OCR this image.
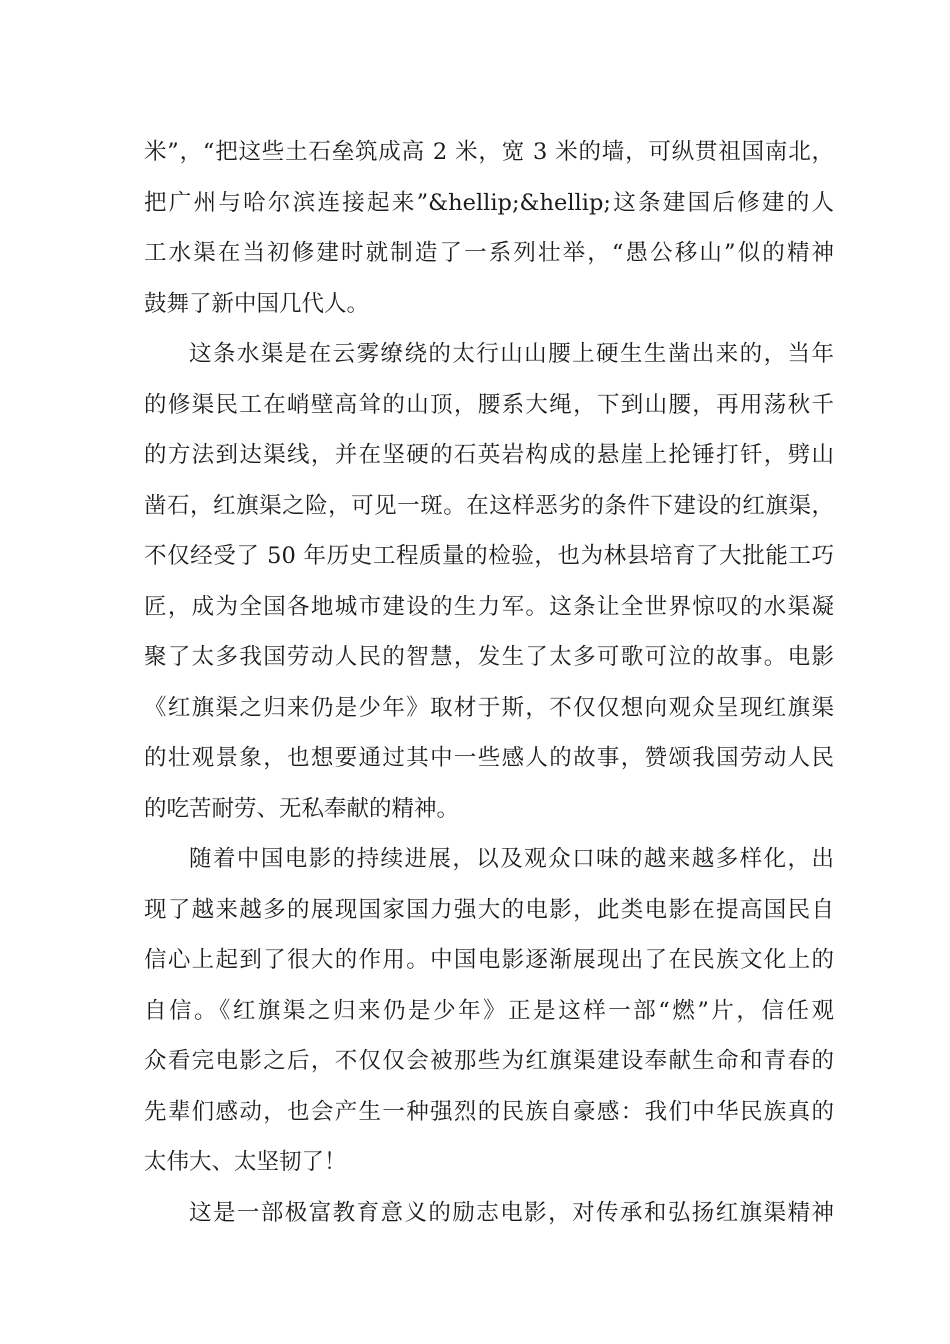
米”，“把这些土石垒筑成高 2 米，宽 3 米的墙，可纵贯祖国南北，
把广州与哈尔滨连接起来”&hellip;&hellip;这条建国后修建的人
工水渠在当初修建时就制造了一系列壮举，“愚公移山”似的精神
鼓舞了新中国几代人。
这条水渠是在云雾缭绕的太行山山腰上硬生生凿出来的，当年
的修渠民工在峭壁高耸的山顶，腰系大绳，下到山腰，再用荡秋千
的方法到达渠线，并在坚硬的石英岩构成的悬崖上抡锤打钎，劈山
凿石，红旗渠之险，可见一斑。在这样恶劣的条件下建设的红旗渠，
不仅经受了 50 年历史工程质量的检验，也为林县培育了大批能工巧
匠，成为全国各地城市建设的生力军。这条让全世界惊叹的水渠凝
聚了太多我国劳动人民的智慧，发生了太多可歌可泣的故事。电影
《红旗渠之归来仍是少年》取材于斯，不仅仅想向观众呈现红旗渠
的壮观景象，也想要通过其中一些感人的故事，赞颂我国劳动人民
的吃苦耐劳、无私奉献的精神。
随着中国电影的持续进展，以及观众口味的越来越多样化，出
现了越来越多的展现国家国力强大的电影，此类电影在提高国民自
信心上起到了很大的作用。中国电影逐渐展现出了在民族文化上的
自信。《红旗渠之归来仍是少年》正是这样一部“燃”片，信任观
众看完电影之后，不仅仅会被那些为红旗渠建设奉献生命和青春的
先辈们感动，也会产生一种强烈的民族自豪感：我们中华民族真的
太伟大、太坚韧了！
这是一部极富教育意义的励志电影，对传承和弘扬红旗渠精神
